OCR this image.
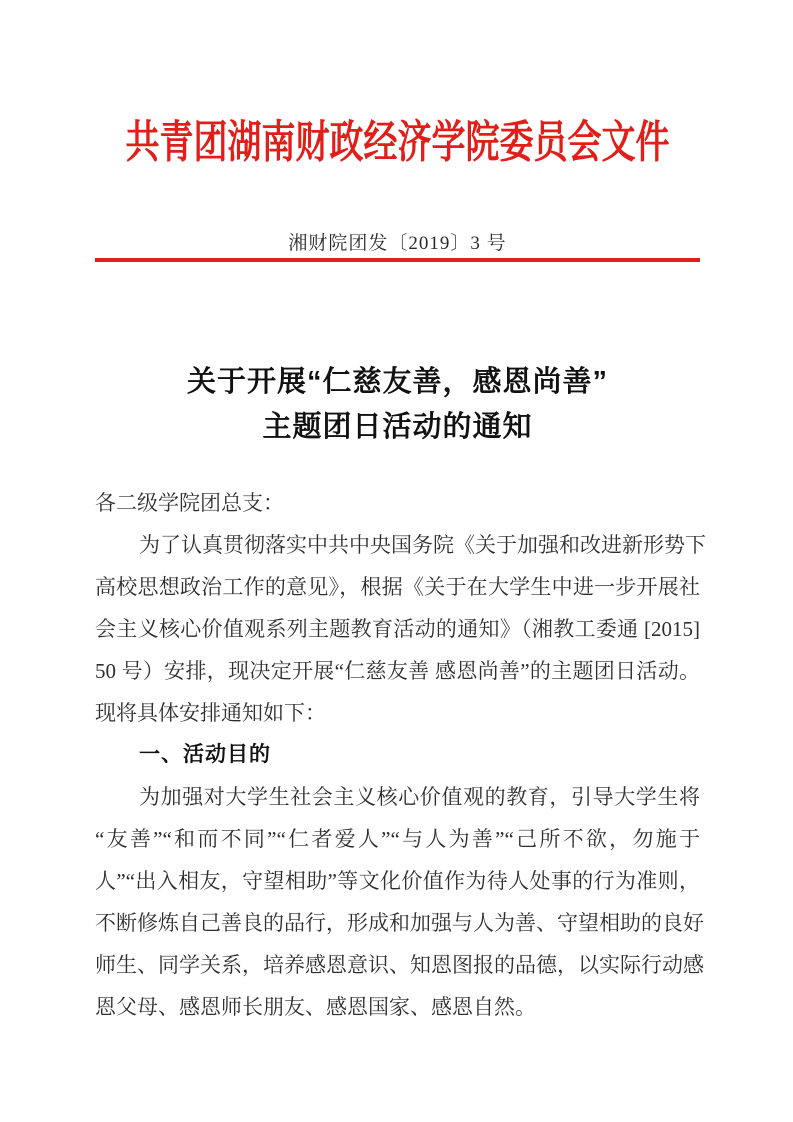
共青团湖南财政经济学院委员会文件
湘财院团发〔2019〕3 号
关于开展“仁慈友善，感恩尚善”
主题团日活动的通知
各二级学院团总支：
为了认真贯彻落实中共中央国务院《关于加强和改进新形势下
高校思想政治工作的意见》，根据《关于在大学生中进一步开展社
会主义核心价值观系列主题教育活动的通知》（湘教工委通 [2015]
50 号）安排，现决定开展“仁慈友善 感恩尚善”的主题团日活动。
现将具体安排通知如下：
一、活动目的
为加强对大学生社会主义核心价值观的教育，引导大学生将
“友善”“和而不同”“仁者爱人”“与人为善”“己所不欲，勿施于
人”“出入相友，守望相助”等文化价值作为待人处事的行为准则，
不断修炼自己善良的品行，形成和加强与人为善、守望相助的良好
师生、同学关系，培养感恩意识、知恩图报的品德，以实际行动感
恩父母、感恩师长朋友、感恩国家、感恩自然。
